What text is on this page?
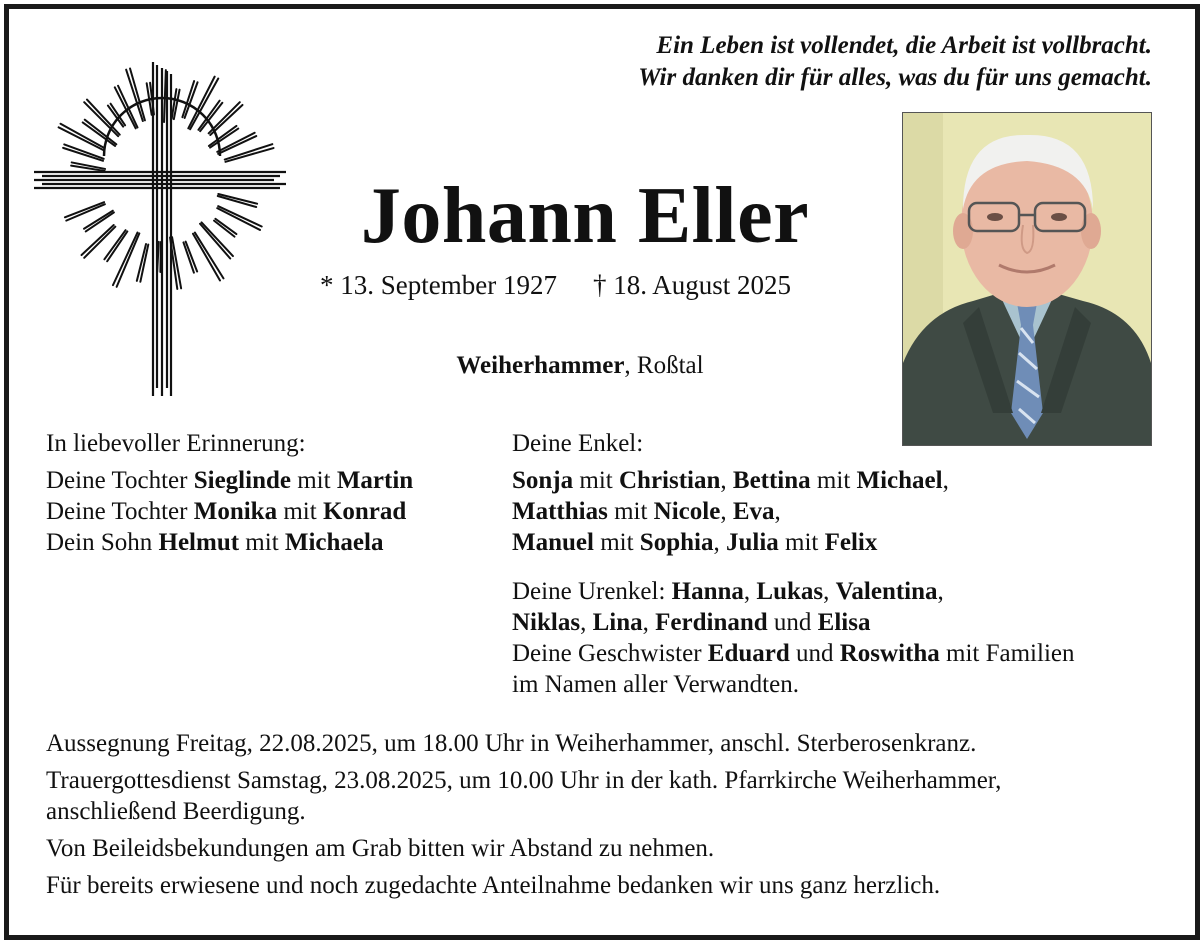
Ein Leben ist vollendet, die Arbeit ist vollbracht.
Wir danken dir für alles, was du für uns gemacht.
Johann Eller
* 13. September 1927 † 18. August 2025
Weiherhammer, Roßtal
In liebevoller Erinnerung:
Deine Tochter Sieglinde mit Martin
Deine Tochter Monika mit Konrad
Dein Sohn Helmut mit Michaela
Deine Enkel:
Sonja mit Christian, Bettina mit Michael,
Matthias mit Nicole, Eva,
Manuel mit Sophia, Julia mit Felix
Deine Urenkel: Hanna, Lukas, Valentina,
Niklas, Lina, Ferdinand und Elisa
Deine Geschwister Eduard und Roswitha mit Familien
im Namen aller Verwandten.

Aussegnung Freitag, 22.08.2025, um 18.00 Uhr in Weiherhammer, anschl. Sterberosenkranz.

Trauergottesdienst Samstag, 23.08.2025, um 10.00 Uhr in der kath. Pfarrkirche Weiherhammer,
anschließend Beerdigung.

Von Beileidsbekundungen am Grab bitten wir Abstand zu nehmen.

Für bereits erwiesene und noch zugedachte Anteilnahme bedanken wir uns ganz herzlich.
